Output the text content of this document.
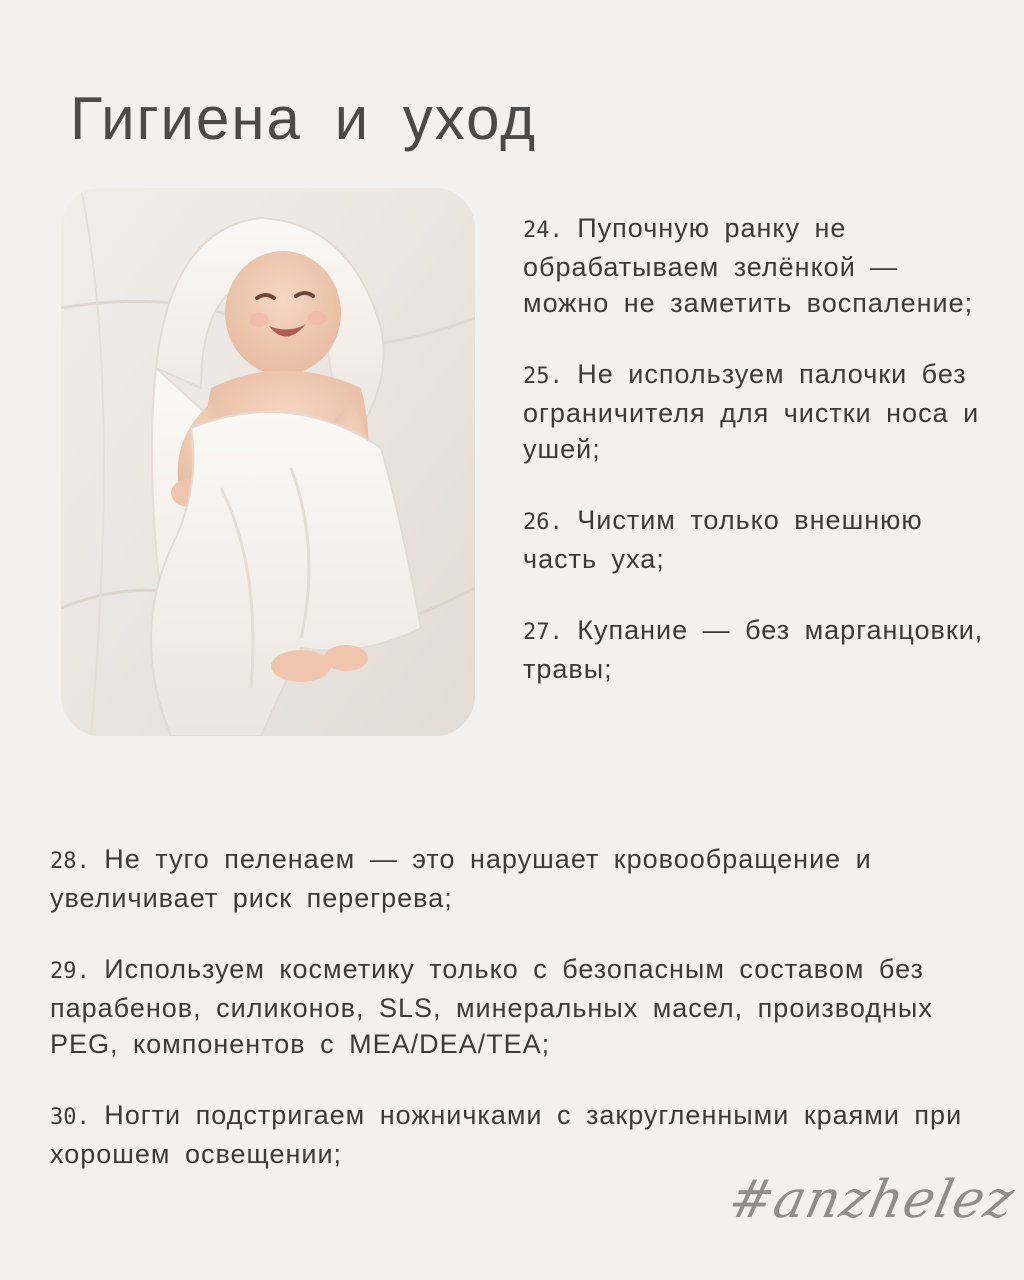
Гигиена и уход

24. Пупочную ранку не обрабатываем зелёнкой — можно не заметить воспаление;

25. Не используем палочки без ограничителя для чистки носа и ушей;

26. Чистим только внешнюю часть уха;

27. Купание — без марганцовки, травы;

28. Не туго пеленаем — это нарушает кровообращение и увеличивает риск перегрева;

29. Используем косметику только с безопасным составом без парабенов, силиконов, SLS, минеральных масел, производных PEG, компонентов с MEA/DEA/TEA;

30. Ногти подстригаем ножничками с закругленными краями при хорошем освещении;

#anzhelez
